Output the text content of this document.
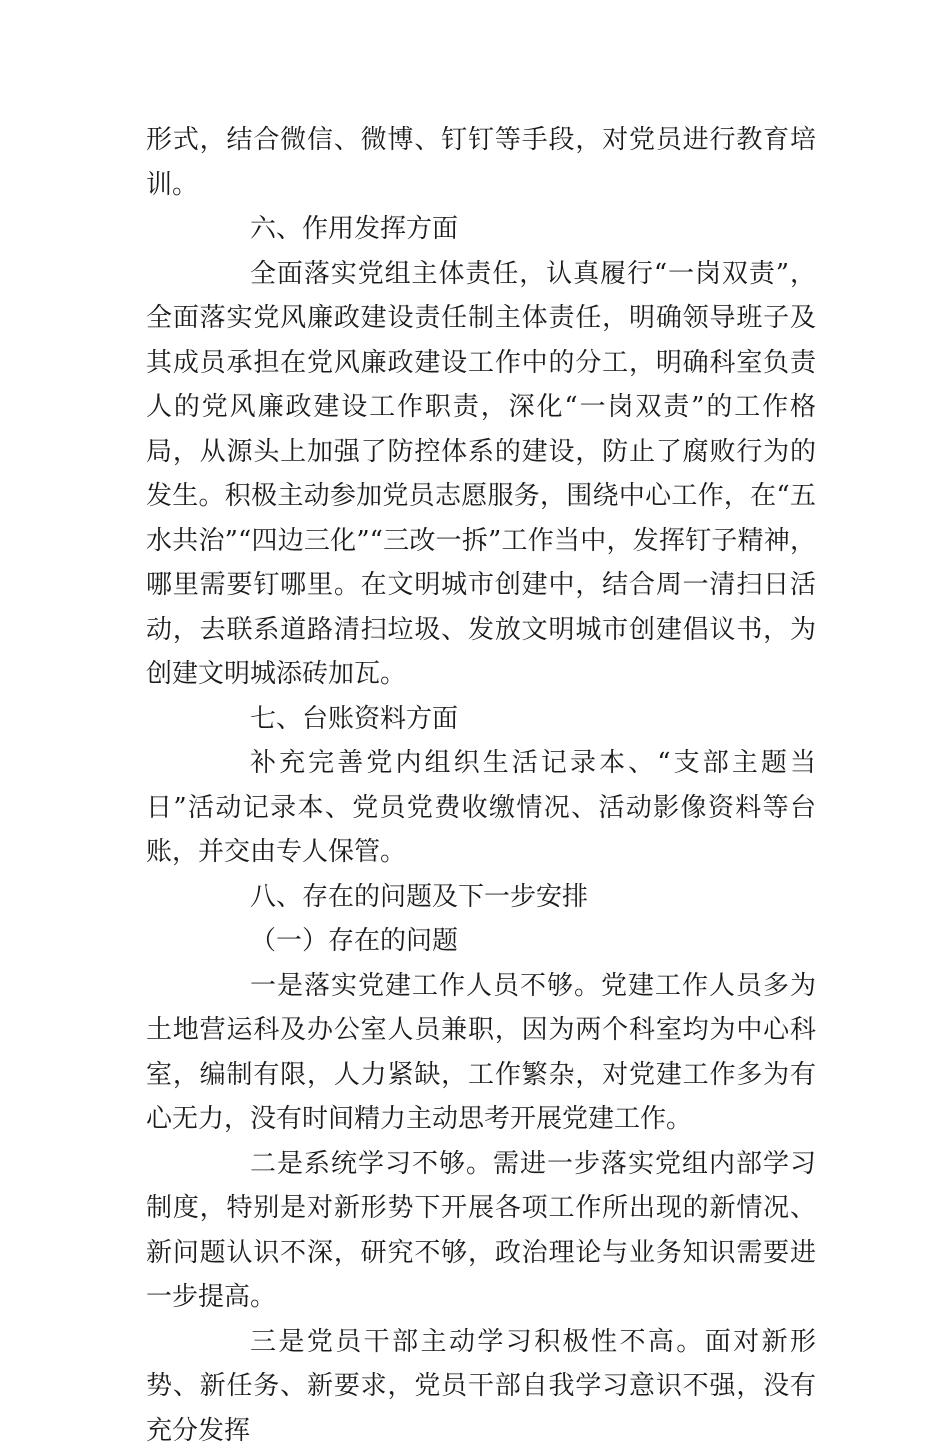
形式，结合微信、微博、钉钉等手段，对党员进行教育培训。

六、作用发挥方面

全面落实党组主体责任，认真履行“一岗双责”，全面落实党风廉政建设责任制主体责任，明确领导班子及其成员承担在党风廉政建设工作中的分工，明确科室负责人的党风廉政建设工作职责，深化“一岗双责”的工作格局，从源头上加强了防控体系的建设，防止了腐败行为的发生。积极主动参加党员志愿服务，围绕中心工作，在“五水共治”“四边三化”“三改一拆”工作当中，发挥钉子精神，哪里需要钉哪里。在文明城市创建中，结合周一清扫日活动，去联系道路清扫垃圾、发放文明城市创建倡议书，为创建文明城添砖加瓦。

七、台账资料方面

补充完善党内组织生活记录本、“支部主题当日”活动记录本、党员党费收缴情况、活动影像资料等台账，并交由专人保管。

八、存在的问题及下一步安排

（一）存在的问题

一是落实党建工作人员不够。党建工作人员多为土地营运科及办公室人员兼职，因为两个科室均为中心科室，编制有限，人力紧缺，工作繁杂，对党建工作多为有心无力，没有时间精力主动思考开展党建工作。

二是系统学习不够。需进一步落实党组内部学习制度，特别是对新形势下开展各项工作所出现的新情况、新问题认识不深，研究不够，政治理论与业务知识需要进一步提高。

三是党员干部主动学习积极性不高。面对新形势、新任务、新要求，党员干部自我学习意识不强，没有充分发挥
